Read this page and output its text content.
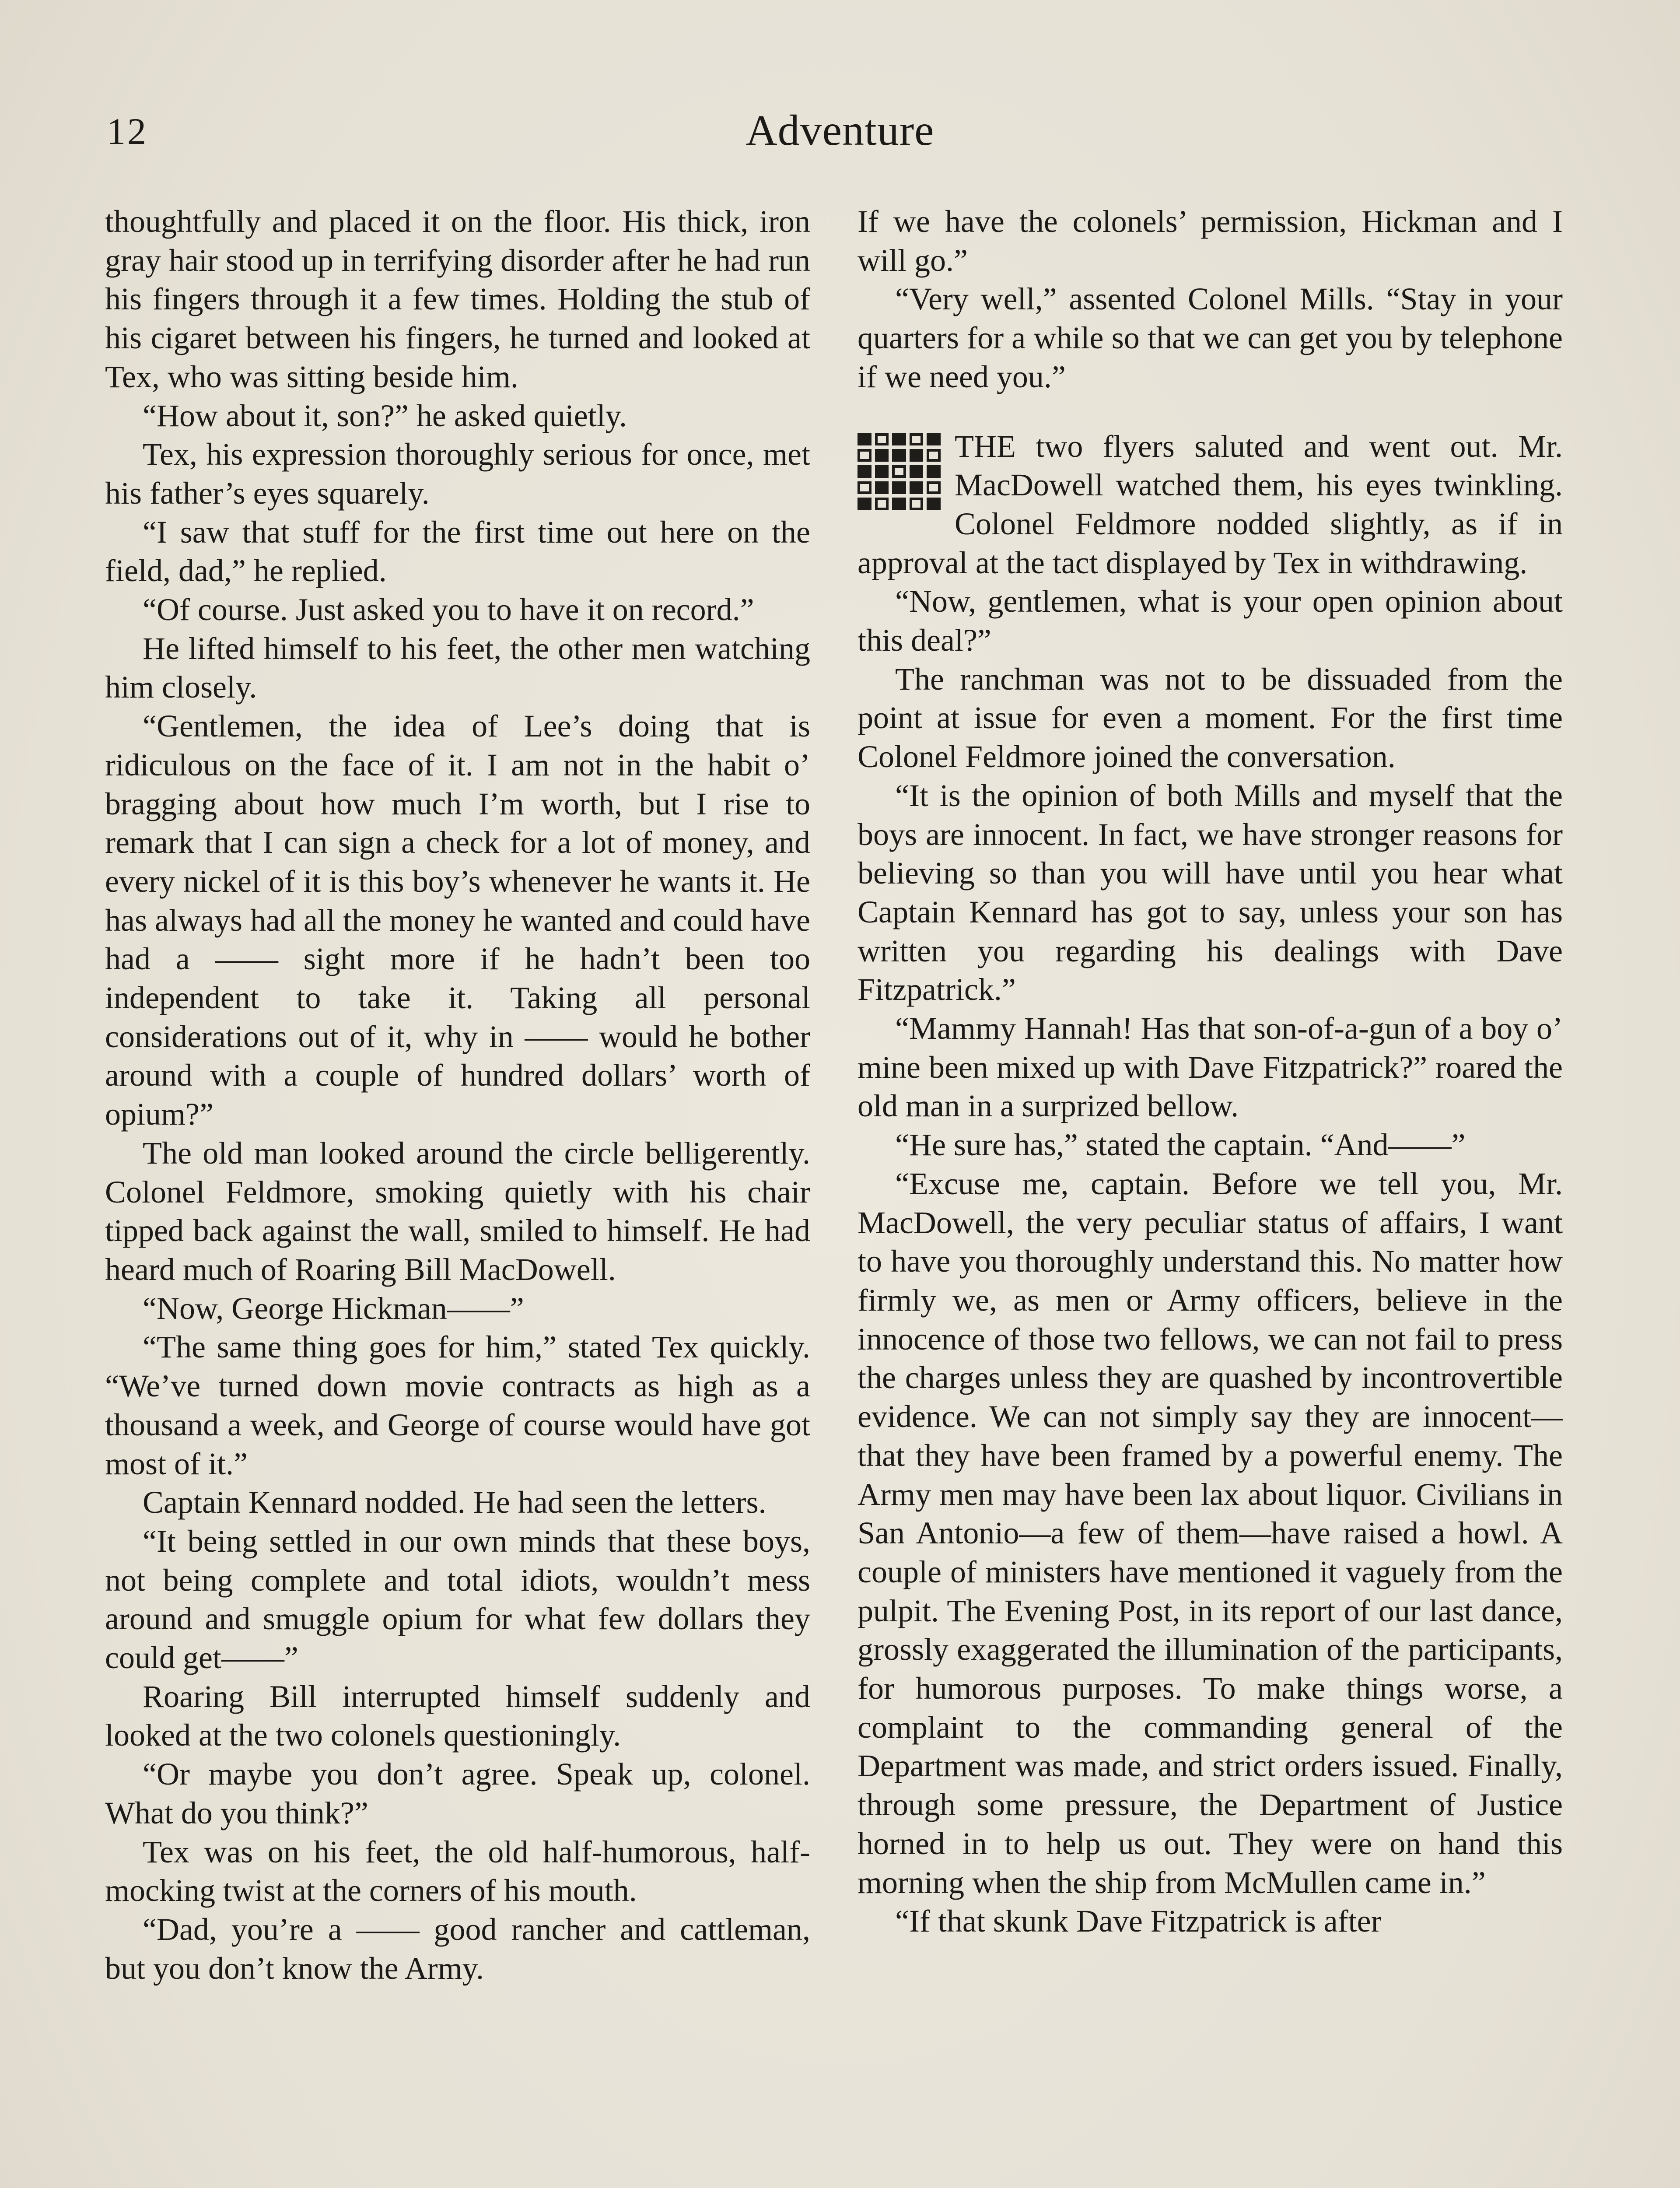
12	Adventure

thoughtfully and placed it on the floor. His thick, iron gray hair stood up in terrifying disorder after he had run his fingers through it a few times. Holding the stub of his cigaret between his fingers, he turned and looked at Tex, who was sitting beside him.

“How about it, son?” he asked quietly.

Tex, his expression thoroughly serious for once, met his father’s eyes squarely.

“I saw that stuff for the first time out here on the field, dad,” he replied.

“Of course. Just asked you to have it on record.”

He lifted himself to his feet, the other men watching him closely.

“Gentlemen, the idea of Lee’s doing that is ridiculous on the face of it. I am not in the habit o’ bragging about how much I’m worth, but I rise to remark that I can sign a check for a lot of money, and every nickel of it is this boy’s whenever he wants it. He has always had all the money he wanted and could have had a —— sight more if he hadn’t been too independent to take it. Taking all personal considerations out of it, why in —— would he bother around with a couple of hundred dollars’ worth of opium?”

The old man looked around the circle belligerently. Colonel Feldmore, smoking quietly with his chair tipped back against the wall, smiled to himself. He had heard much of Roaring Bill MacDowell.

“Now, George Hickman——”

“The same thing goes for him,” stated Tex quickly. “We’ve turned down movie contracts as high as a thousand a week, and George of course would have got most of it.”

Captain Kennard nodded. He had seen the letters.

“It being settled in our own minds that these boys, not being complete and total idiots, wouldn’t mess around and smuggle opium for what few dollars they could get——”

Roaring Bill interrupted himself suddenly and looked at the two colonels questioningly.

“Or maybe you don’t agree. Speak up, colonel. What do you think?”

Tex was on his feet, the old half-humorous, half-mocking twist at the corners of his mouth.

“Dad, you’re a —— good rancher and cattleman, but you don’t know the Army.

If we have the colonels’ permission, Hickman and I will go.”

“Very well,” assented Colonel Mills. “Stay in your quarters for a while so that we can get you by telephone if we need you.”

THE two flyers saluted and went out. Mr. MacDowell watched them, his eyes twinkling. Colonel Feldmore nodded slightly, as if in approval at the tact displayed by Tex in withdrawing.

“Now, gentlemen, what is your open opinion about this deal?”

The ranchman was not to be dissuaded from the point at issue for even a moment. For the first time Colonel Feldmore joined the conversation.

“It is the opinion of both Mills and myself that the boys are innocent. In fact, we have stronger reasons for believing so than you will have until you hear what Captain Kennard has got to say, unless your son has written you regarding his dealings with Dave Fitzpatrick.”

“Mammy Hannah! Has that son-of-a-gun of a boy o’ mine been mixed up with Dave Fitzpatrick?” roared the old man in a surprized bellow.

“He sure has,” stated the captain. “And——”

“Excuse me, captain. Before we tell you, Mr. MacDowell, the very peculiar status of affairs, I want to have you thoroughly understand this. No matter how firmly we, as men or Army officers, believe in the innocence of those two fellows, we can not fail to press the charges unless they are quashed by incontrovertible evidence. We can not simply say they are innocent—that they have been framed by a powerful enemy. The Army men may have been lax about liquor. Civilians in San Antonio—a few of them—have raised a howl. A couple of ministers have mentioned it vaguely from the pulpit. The Evening Post, in its report of our last dance, grossly exaggerated the illumination of the participants, for humorous purposes. To make things worse, a complaint to the commanding general of the Department was made, and strict orders issued. Finally, through some pressure, the Department of Justice horned in to help us out. They were on hand this morning when the ship from McMullen came in.”

“If that skunk Dave Fitzpatrick is after
